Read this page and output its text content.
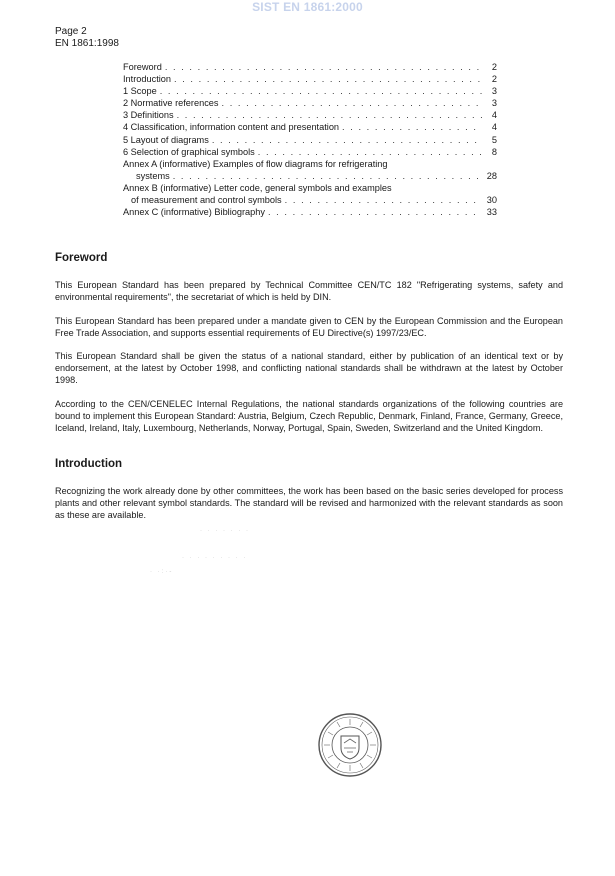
SIST EN 1861:2000
Page 2
EN 1861:1998
Foreword . . .	2
Introduction . . .	2
1 Scope . . .	3
2 Normative references . . .	3
3 Definitions . . .	4
4 Classification, information content and presentation . . .	4
5 Layout of diagrams . . .	5
6 Selection of graphical symbols . . .	8
Annex A (informative) Examples of flow diagrams for refrigerating
systems . . .	28
Annex B (informative) Letter code, general symbols and examples
of measurement and control symbols . . .	30
Annex C (informative) Bibliography . . .	33
Foreword

This European Standard has been prepared by Technical Committee CEN/TC 182 "Refrigerating systems, safety and environmental requirements", the secretariat of which is held by DIN.

This European Standard has been prepared under a mandate given to CEN by the European Commission and the European Free Trade Association, and supports essential requirements of EU Directive(s) 1997/23/EC.

This European Standard shall be given the status of a national standard, either by publication of an identical text or by endorsement, at the latest by October 1998, and conflicting national standards shall be withdrawn at the latest by October 1998.

According to the CEN/CENELEC Internal Regulations, the national standards organizations of the following countries are bound to implement this European Standard: Austria, Belgium, Czech Republic, Denmark, Finland, France, Germany, Greece, Iceland, Ireland, Italy, Luxembourg, Netherlands, Norway, Portugal, Spain, Sweden, Switzerland and the United Kingdom.

Introduction

Recognizing the work already done by other committees, the work has been based on the basic series developed for process plants and other relevant symbol standards. The standard will be revised and harmonized with the relevant standards as soon as these are available.

· · · · · · ·
· · · · · · · · ·
· ·:·-
